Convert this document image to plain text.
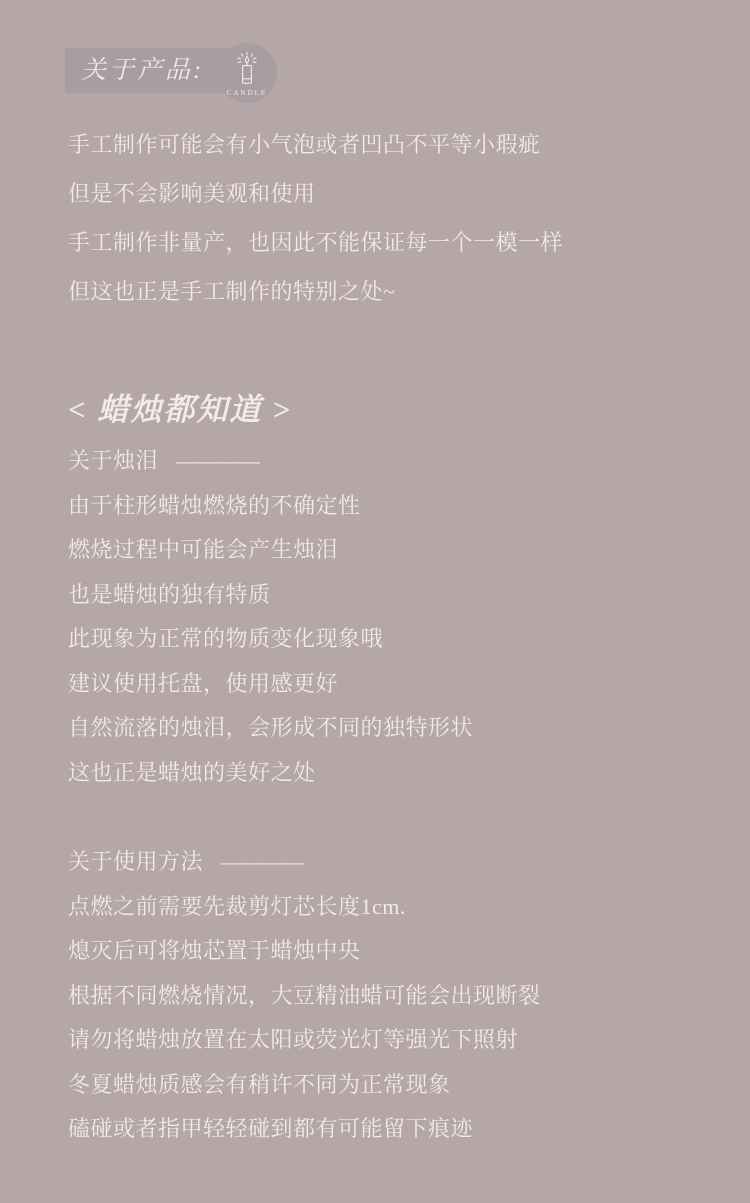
关于产品:
CANDLE

手工制作可能会有小气泡或者凹凸不平等小瑕疵

但是不会影响美观和使用

手工制作非量产，也因此不能保证每一个一模一样

但这也正是手工制作的特别之处~

< 蜡烛都知道 >

关于烛泪 ————

由于柱形蜡烛燃烧的不确定性

燃烧过程中可能会产生烛泪

也是蜡烛的独有特质

此现象为正常的物质变化现象哦

建议使用托盘，使用感更好

自然流落的烛泪，会形成不同的独特形状

这也正是蜡烛的美好之处

关于使用方法 ————

点燃之前需要先裁剪灯芯长度1cm.

熄灭后可将烛芯置于蜡烛中央

根据不同燃烧情况，大豆精油蜡可能会出现断裂

请勿将蜡烛放置在太阳或荧光灯等强光下照射

冬夏蜡烛质感会有稍许不同为正常现象

磕碰或者指甲轻轻碰到都有可能留下痕迹
